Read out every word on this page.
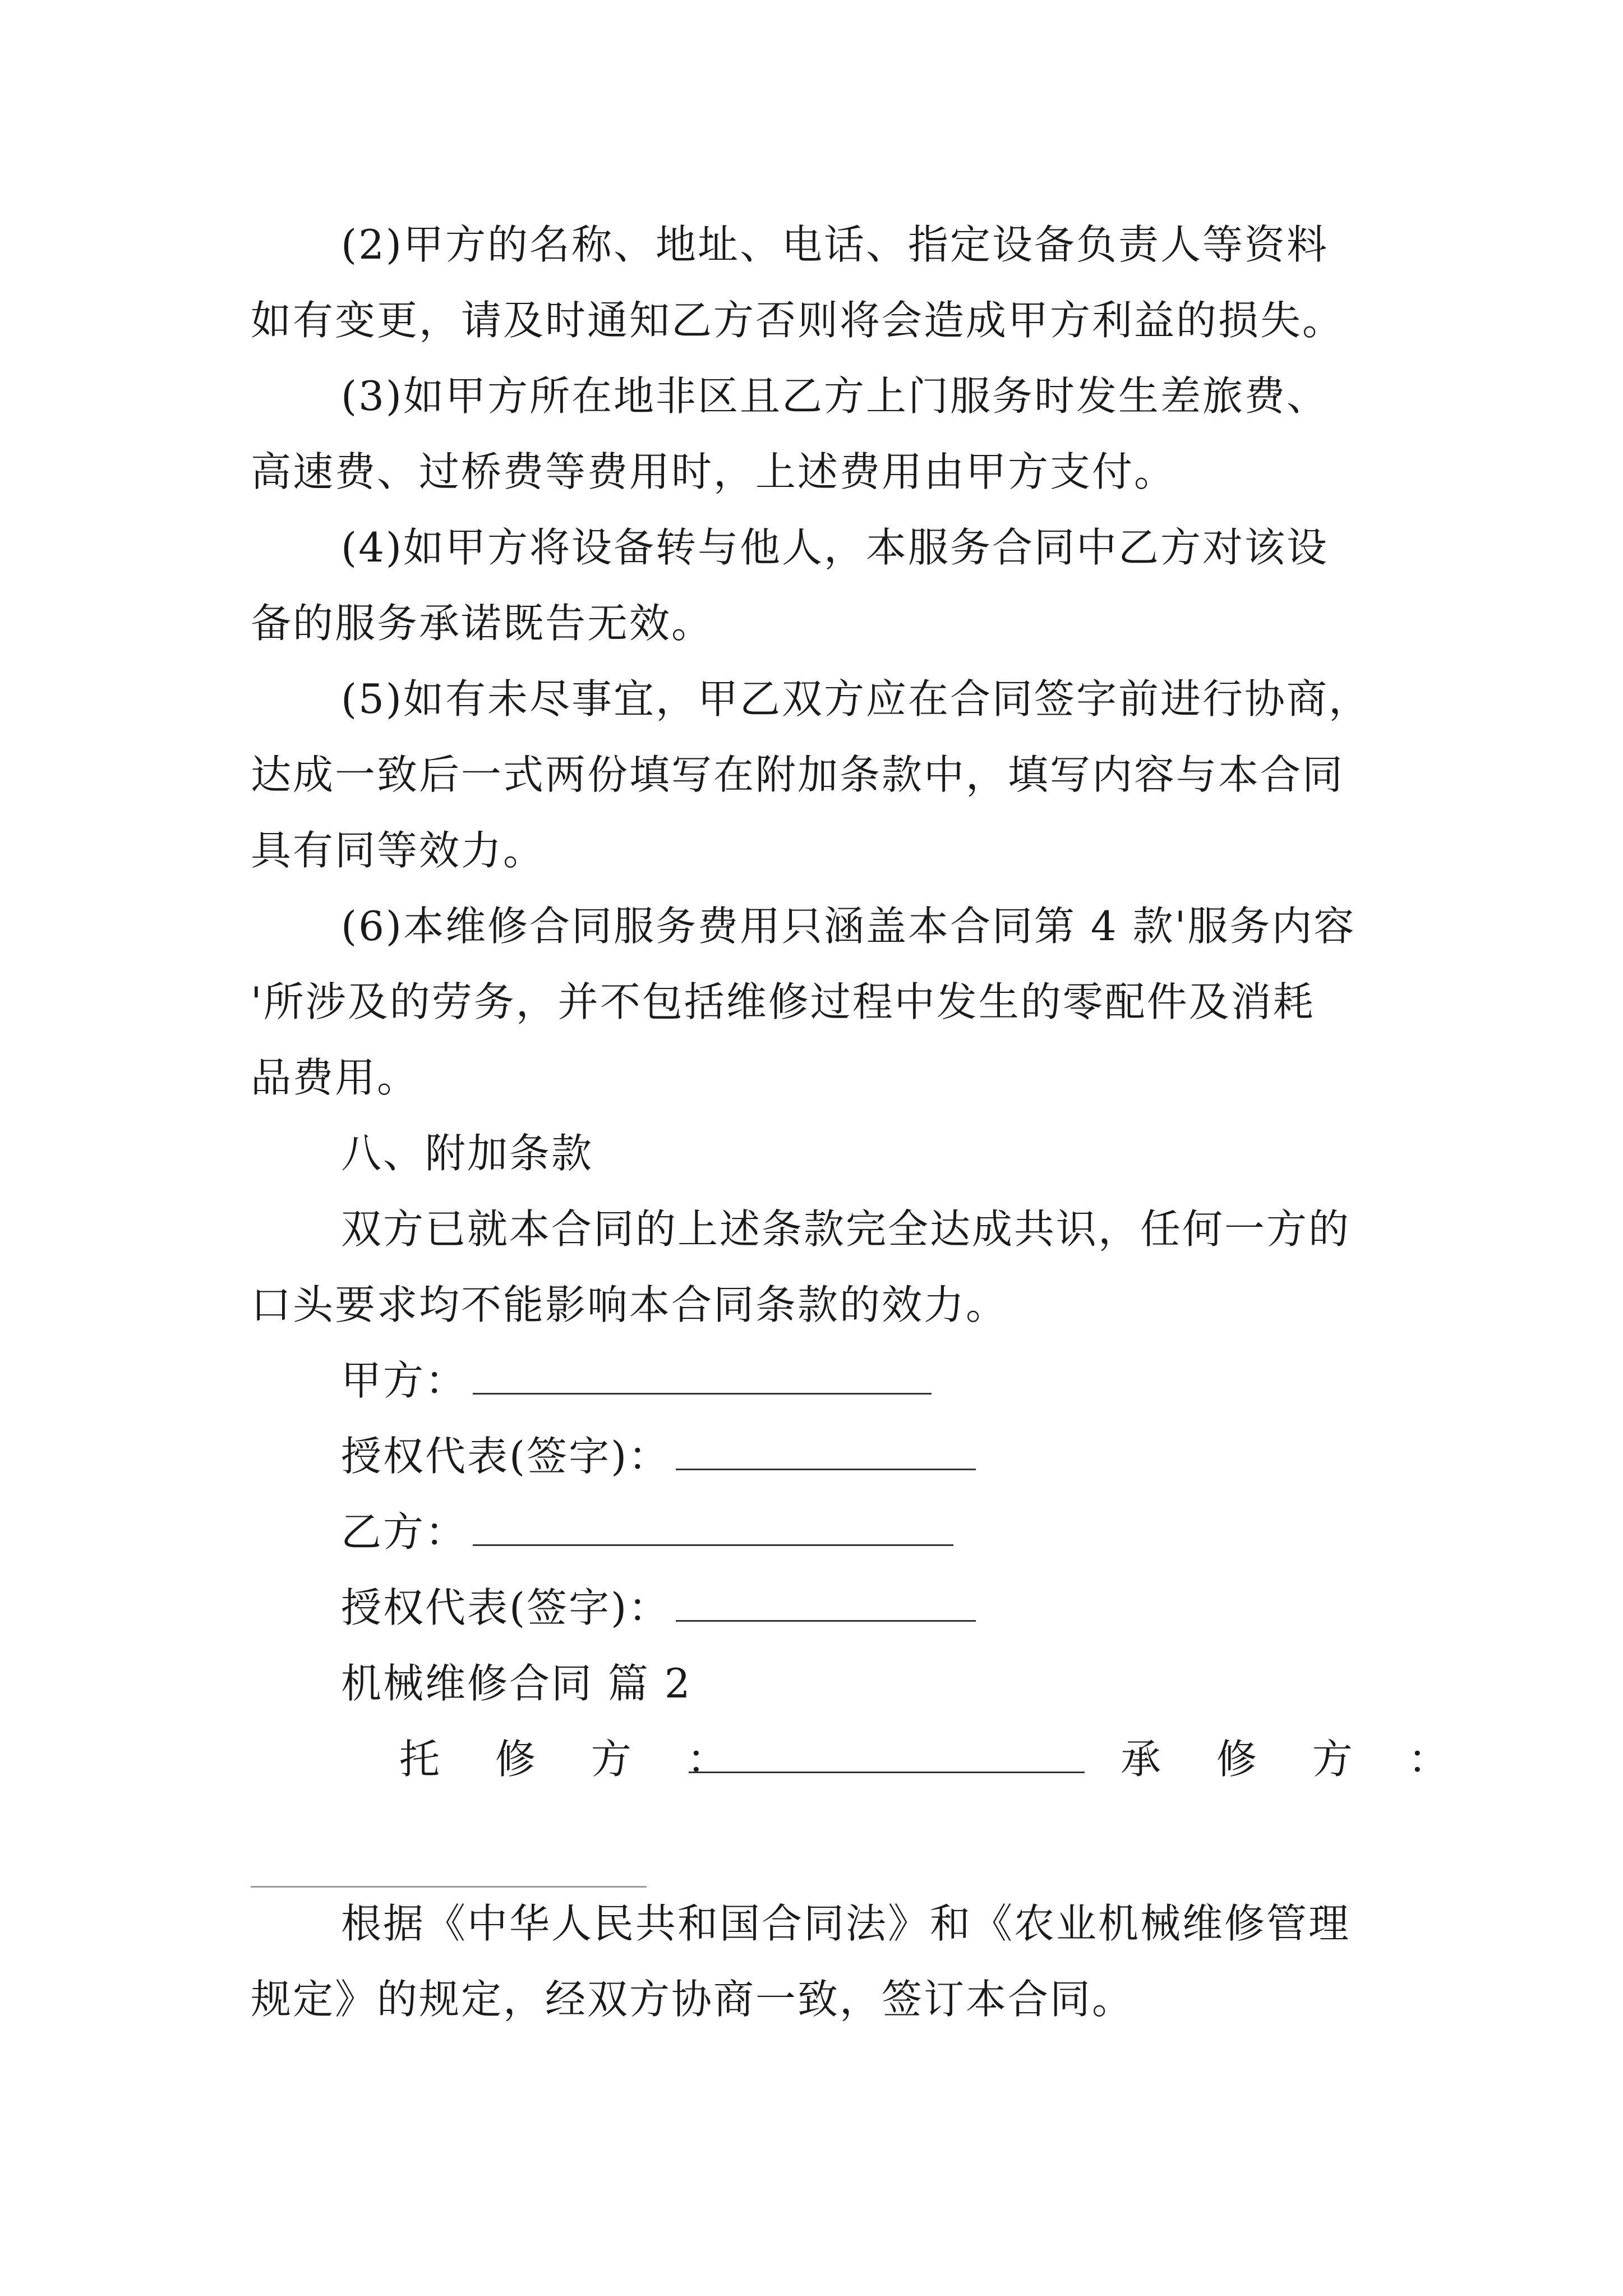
(2)甲方的名称、地址、电话、指定设备负责人等资料
如有变更，请及时通知乙方否则将会造成甲方利益的损失。
(3)如甲方所在地非区且乙方上门服务时发生差旅费、
高速费、过桥费等费用时，上述费用由甲方支付。
(4)如甲方将设备转与他人，本服务合同中乙方对该设
备的服务承诺既告无效。
(5)如有未尽事宜，甲乙双方应在合同签字前进行协商，
达成一致后一式两份填写在附加条款中，填写内容与本合同
具有同等效力。
(6)本维修合同服务费用只涵盖本合同第 4 款'服务内容
'所涉及的劳务，并不包括维修过程中发生的零配件及消耗
品费用。
八、附加条款
双方已就本合同的上述条款完全达成共识，任何一方的
口头要求均不能影响本合同条款的效力。
甲方：
授权代表(签字)：
乙方：
授权代表(签字)：
机械维修合同 篇 2
托 修 方 ：	承 修 方 ：
根据《中华人民共和国合同法》和《农业机械维修管理
规定》的规定，经双方协商一致，签订本合同。
